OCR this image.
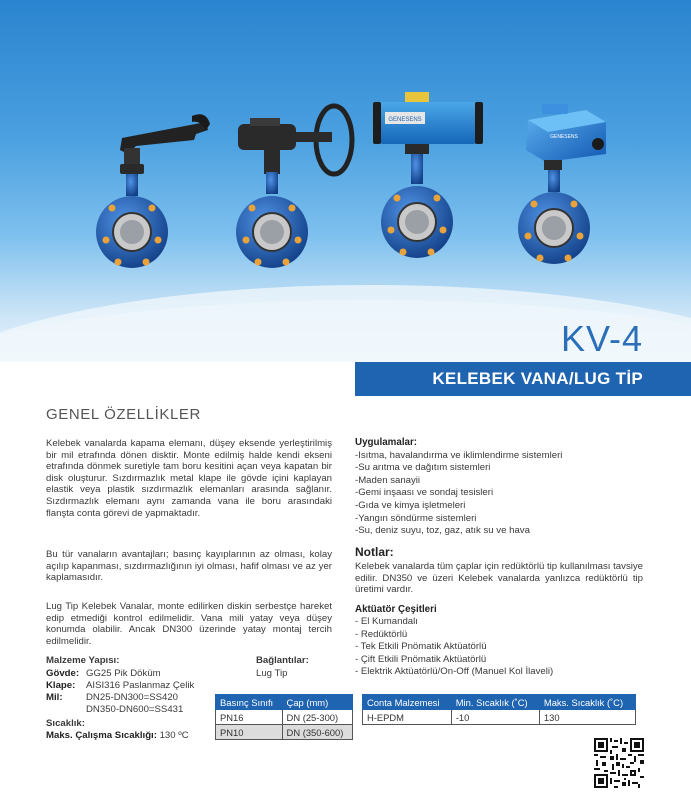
GENESENS
GENESENS
KV-4
KELEBEK VANA/LUG TİP
GENEL ÖZELLİKLER

Kelebek vanalarda kapama elemanı, düşey eksende yerleştirilmiş bir mil etrafında dönen disktir. Monte edilmiş halde kendi ekseni etrafında dönmek suretiyle tam boru kesitini açan veya kapatan bir disk oluşturur. Sızdırmazlık metal klape ile gövde içini kaplayan elastik veya plastik sızdırmazlık elemanları arasında sağlanır. Sızdırmazlık elemanı aynı zamanda vana ile boru arasındaki flanşta conta görevi de yapmaktadır.

Bu tür vanaların avantajları; basınç kayıplarının az olması, kolay açılıp kapanması, sızdırmazlığının iyi olması, hafif olması ve az yer kaplamasıdır.

Lug Tip Kelebek Vanalar, monte edilirken diskin serbestçe hareket edip etmediği kontrol edilmelidir. Vana mili yatay veya düşey konumda olabilir. Ancak DN300 üzerinde yatay montaj tercih edilmelidir.

Malzeme Yapısı:
Gövde: GG25 Pik Döküm
Klape: AISI316 Paslanmaz Çelik
Mil: DN25-DN300=SS420
DN350-DN600=SS431
Sıcaklık:
Maks. Çalışma Sıcaklığı: 130 ºC
Bağlantılar:
Lug Tip
Uygulamalar:
-Isıtma, havalandırma ve iklimlendirme sistemleri
-Su arıtma ve dağıtım sistemleri
-Maden sanayii
-Gemi inşaası ve sondaj tesisleri
-Gıda ve kimya işletmeleri
-Yangın söndürme sistemleri
-Su, deniz suyu, toz, gaz, atık su ve hava
Notlar:
Kelebek vanalarda tüm çaplar için redüktörlü tip kullanılması tavsiye edilir. DN350 ve üzeri Kelebek vanalarda yanlızca redüktörlü tip üretimi vardır.
Aktüatör Çeşitleri
- El Kumandalı
- Redüktörlü
- Tek Etkili Pnömatik Aktüatörlü
- Çift Etkili Pnömatik Aktüatörlü
- Elektrik Aktüatörlü/On-Off (Manuel Kol İlaveli)
Basınç Sınıfı	Çap (mm)
PN16	DN (25-300)
PN10	DN (350-600)
Conta Malzemesi	Min. Sıcaklık (˚C)	Maks. Sıcaklık (˚C)
H-EPDM	-10	130
